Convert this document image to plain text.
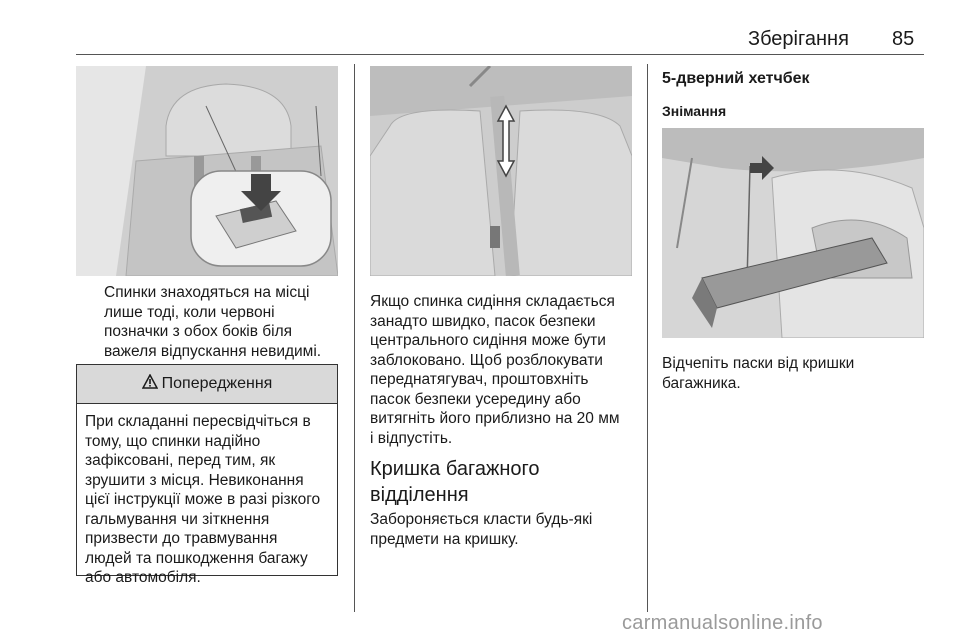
Зберігання 85
Спинки знаходяться на місці
лише тоді, коли червоні
позначки з обох боків біля
важеля відпускання невидимі.
Попередження
При складанні пересвідчіться в
тому, що спинки надійно
зафіксовані, перед тим, як
зрушити з місця. Невиконання
цієї інструкції може в разі різкого
гальмування чи зіткнення
призвести до травмування
людей та пошкодження багажу
або автомобіля.
Якщо спинка сидіння складається
занадто швидко, пасок безпеки
центрального сидіння може бути
заблоковано. Щоб розблокувати
переднатягувач, проштовхніть
пасок безпеки усередину або
витягніть його приблизно на 20 мм
і відпустіть.
Кришка багажного
відділення
Забороняється класти будь-які
предмети на кришку.
5-дверний хетчбек
Знімання
Відчепіть паски від кришки
багажника.
carmanualsonline.info
